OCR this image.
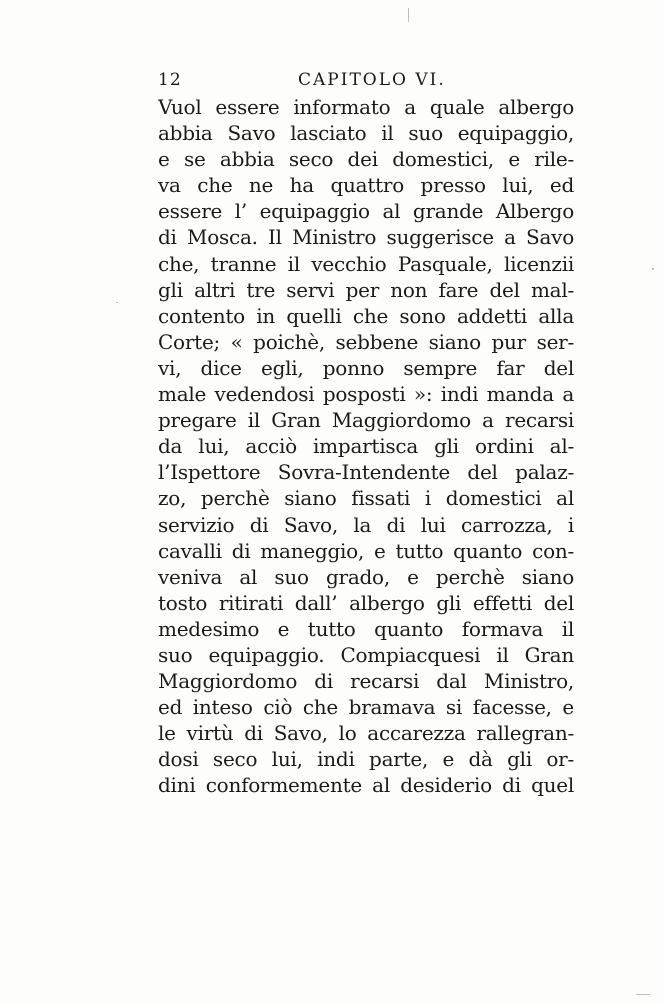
12	CAPITOLO VI.
Vuol essere informato a quale albergo
abbia Savo lasciato il suo equipaggio,
e se abbia seco dei domestici, e rile-
va che ne ha quattro presso lui, ed
essere l’ equipaggio al grande Albergo
di Mosca. Il Ministro suggerisce a Savo
che, tranne il vecchio Pasquale, licenzii
gli altri tre servi per non fare del mal-
contento in quelli che sono addetti alla
Corte; « poichè, sebbene siano pur ser-
vi, dice egli, ponno sempre far del
male vedendosi posposti »: indi manda a
pregare il Gran Maggiordomo a recarsi
da lui, acciò impartisca gli ordini al-
l’Ispettore Sovra-Intendente del palaz-
zo, perchè siano fissati i domestici al
servizio di Savo, la di lui carrozza, i
cavalli di maneggio, e tutto quanto con-
veniva al suo grado, e perchè siano
tosto ritirati dall’ albergo gli effetti del
medesimo e tutto quanto formava il
suo equipaggio. Compiacquesi il Gran
Maggiordomo di recarsi dal Ministro,
ed inteso ciò che bramava si facesse, e
le virtù di Savo, lo accarezza rallegran-
dosi seco lui, indi parte, e dà gli or-
dini conformemente al desiderio di quel
